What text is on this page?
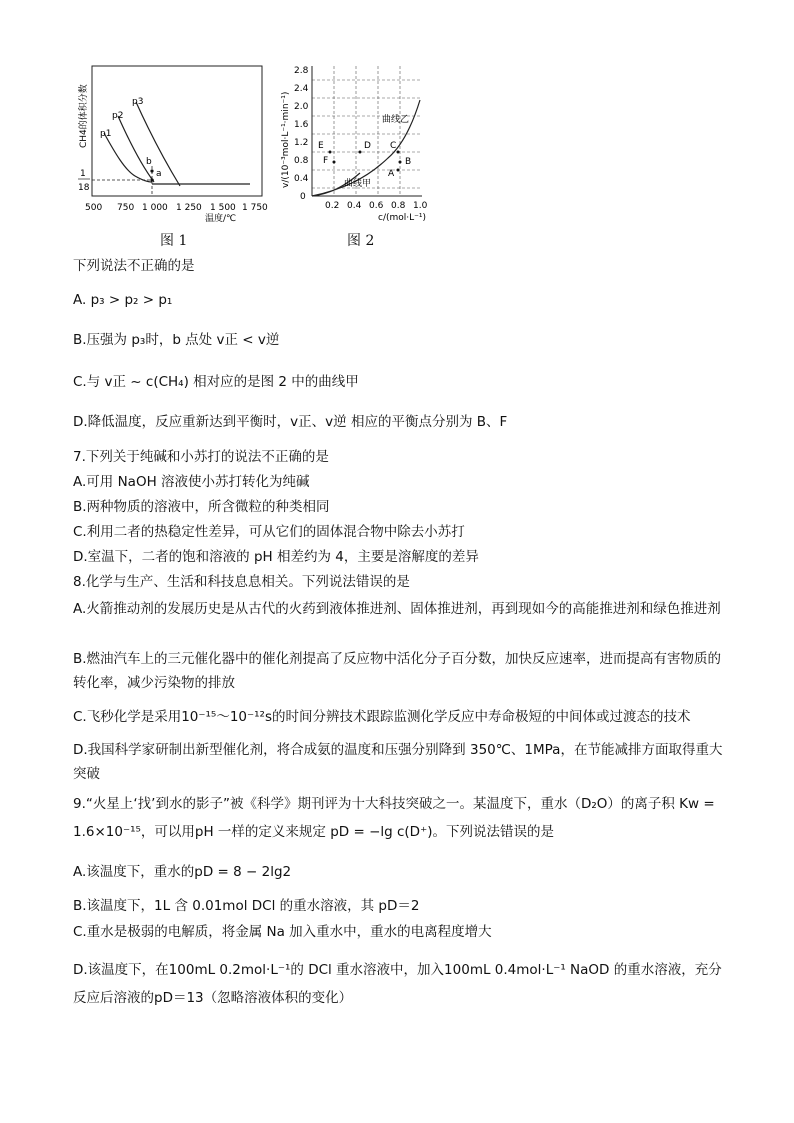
CH4的体积分数 p1
p2
p3
b
a
1
18
500 750 1 000 1 250 1 500 1 750
温度/℃
v/(10⁻³mol·L⁻¹·min⁻¹)
0
0.4
0.8
1.2
1.6
2.0
2.4
2.8
0.2 0.4 0.6 0.8 1.0
c/(mol·L⁻¹)
曲线甲
曲线乙
A
B
C
D
E
F
图 1	图 2
下列说法不正确的是
A. p₃ > p₂ > p₁
B.压强为 p₃时，b 点处 v正 < v逆
C.与 v正 ~ c(CH₄) 相对应的是图 2 中的曲线甲
D.降低温度，反应重新达到平衡时，v正、v逆 相应的平衡点分别为 B、F
7.下列关于纯碱和小苏打的说法不正确的是
A.可用 NaOH 溶液使小苏打转化为纯碱
B.两种物质的溶液中，所含微粒的种类相同
C.利用二者的热稳定性差异，可从它们的固体混合物中除去小苏打
D.室温下，二者的饱和溶液的 pH 相差约为 4，主要是溶解度的差异
8.化学与生产、生活和科技息息相关。下列说法错误的是
A.火箭推动剂的发展历史是从古代的火药到液体推进剂、固体推进剂，再到现如今的高能推进剂和绿色推进剂
B.燃油汽车上的三元催化器中的催化剂提高了反应物中活化分子百分数，加快反应速率，进而提高有害物质的转化率，减少污染物的排放
C.飞秒化学是采用10⁻¹⁵～10⁻¹²s的时间分辨技术跟踪监测化学反应中寿命极短的中间体或过渡态的技术
D.我国科学家研制出新型催化剂，将合成氨的温度和压强分别降到 350℃、1MPa，在节能减排方面取得重大突破
9.“火星上‘找’到水的影子”被《科学》期刊评为十大科技突破之一。某温度下，重水（D₂O）的离子积 Kw = 1.6×10⁻¹⁵，可以用pH 一样的定义来规定 pD = −lg c(D⁺)。下列说法错误的是
A.该温度下，重水的pD = 8 − 2lg2
B.该温度下，1L 含 0.01mol DCl 的重水溶液，其 pD＝2
C.重水是极弱的电解质，将金属 Na 加入重水中，重水的电离程度增大
D.该温度下，在100mL 0.2mol·L⁻¹的 DCl 重水溶液中，加入100mL 0.4mol·L⁻¹ NaOD 的重水溶液，充分反应后溶液的pD＝13（忽略溶液体积的变化）
